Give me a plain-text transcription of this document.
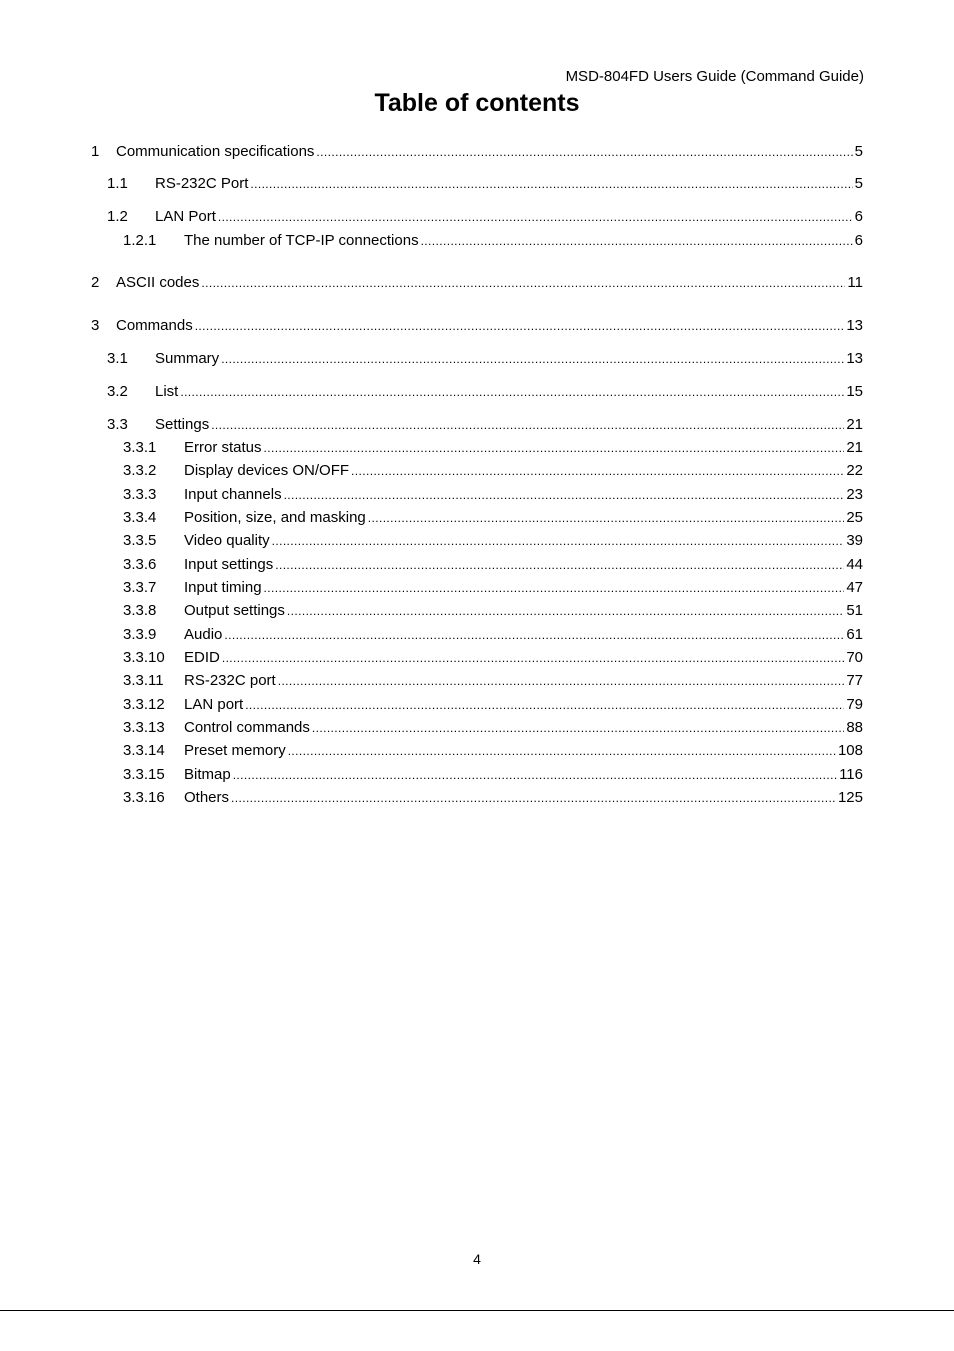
MSD-804FD Users Guide (Command Guide)
Table of contents
1 Communication specifications .....	5
1.1 RS-232C Port .....	5
1.2 LAN Port .....	6
1.2.1 The number of TCP-IP connections .....	6
2 ASCII codes .....	11
3 Commands .....	13
3.1 Summary .....	13
3.2 List .....	15
3.3 Settings .....	21
3.3.1 Error status .....	21
3.3.2 Display devices ON/OFF .....	22
3.3.3 Input channels .....	23
3.3.4 Position, size, and masking .....	25
3.3.5 Video quality .....	39
3.3.6 Input settings .....	44
3.3.7 Input timing .....	47
3.3.8 Output settings .....	51
3.3.9 Audio .....	61
3.3.10 EDID .....	70
3.3.11 RS-232C port .....	77
3.3.12 LAN port .....	79
3.3.13 Control commands .....	88
3.3.14 Preset memory .....	108
3.3.15 Bitmap .....	116
3.3.16 Others .....	125
4
